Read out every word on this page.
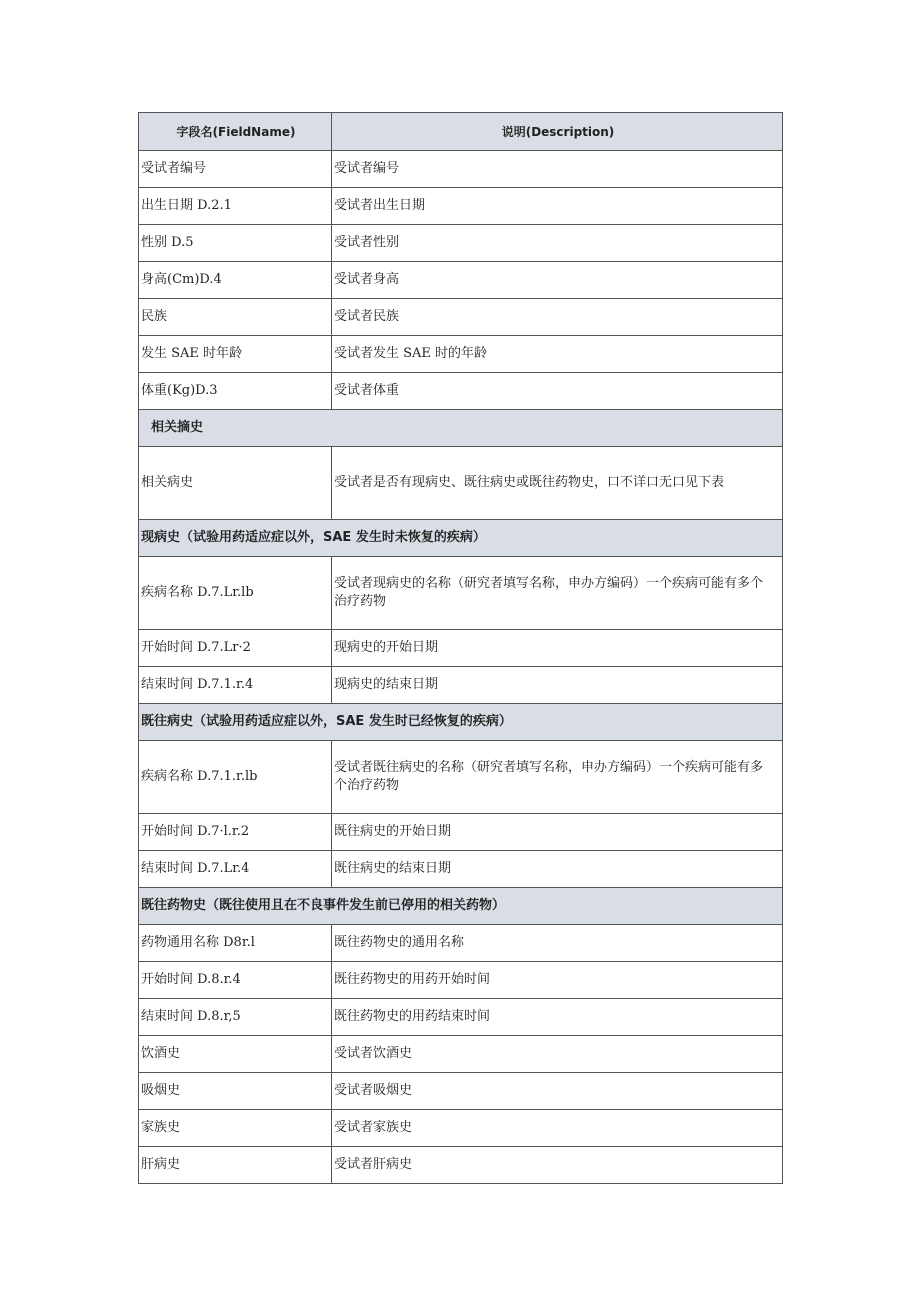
字段名(FieldName)	说明(Description)
受试者编号	受试者编号
出生日期 D.2.1	受试者出生日期
性别 D.5	受试者性别
身高(Cm)D.4	受试者身高
民族	受试者民族
发生 SAE 时年龄	受试者发生 SAE 时的年龄
体重(Kg)D.3	受试者体重
相关摘史	
相关病史	受试者是否有现病史、既往病史或既往药物史，口不详口无口见下表

现病史（试验用药适应症以外，SAE 发生时未恢复的疾病）	
疾病名称 D.7.Lr.lb	受试者现病史的名称（研究者填写名称，申办方编码）一个疾病可能有多个治疗药物

开始时间 D.7.Lr·2	现病史的开始日期
结束时间 D.7.1.r.4	现病史的结束日期
既往病史（试验用药适应症以外，SAE 发生时已经恢复的疾病）	
疾病名称 D.7.1.r.lb	受试者既往病史的名称（研究者填写名称，申办方编码）一个疾病可能有多个治疗药物

开始时间 D.7·l.r.2	既往病史的开始日期
结束时间 D.7.Lr.4	既往病史的结束日期
既往药物史（既往使用且在不良事件发生前已停用的相关药物）	
药物通用名称 D8r.l	既往药物史的通用名称
开始时间 D.8.r.4	既往药物史的用药开始时间
结束时间 D.8.r,5	既往药物史的用药结束时间
饮酒史	受试者饮酒史
吸烟史	受试者吸烟史
家族史	受试者家族史
肝病史	受试者肝病史
